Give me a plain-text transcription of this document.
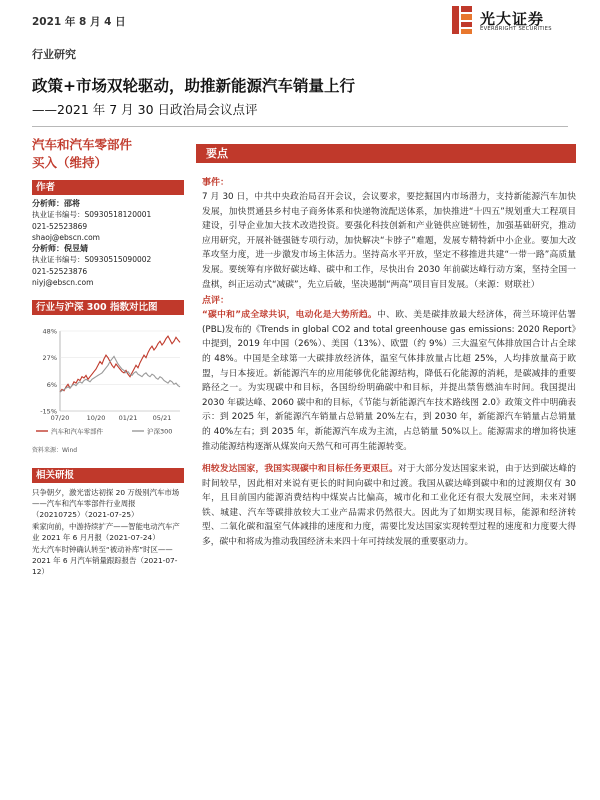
2021 年 8 月 4 日	光大证券
EVERBRIGHT SECURITIES
行业研究
政策+市场双轮驱动，助推新能源汽车销量上行
——2021 年 7 月 30 日政治局会议点评
汽车和汽车零部件
买入（维持）
作者
分析师：邵将
执业证书编号：S0930518120001
021-52523869
shaoj@ebscn.com
分析师：倪昱婧
执业证书编号：S0930515090002
021-52523876
niyj@ebscn.com
行业与沪深 300 指数对比图
48%
27%
6%
-15%
07/20	10/20 01/21 05/21
汽车和汽车零部件	沪深300
资料来源：Wind
相关研报
只争朝夕，激光雷达初探 20 万级别汽车市场——汽车和汽车零部件行业周报（20210725）（2021-07-25）
乘家向前，中游持续扩产——智能电动汽车产业 2021 年 6 月月报（2021-07-24）
光大汽车时钟确认转至“被动补库”时区——2021 年 6 月汽车销量跟踪报告（2021-07-12）
要点
事件：
7 月 30 日，中共中央政治局召开会议，会议要求，要挖掘国内市场潜力，支持新能源汽车加快发展，加快贯通县乡村电子商务体系和快递物流配送体系，加快推进“十四五”规划重大工程项目建设，引导企业加大技术改造投资。要强化科技创新和产业链供应链韧性，加强基础研究，推动应用研究，开展补链强链专项行动，加快解决“卡脖子”难题，发展专精特新中小企业。要加大改革攻坚力度，进一步激发市场主体活力。坚持高水平开放，坚定不移推进共建“一带一路”高质量发展。要统筹有序做好碳达峰、碳中和工作，尽快出台 2030 年前碳达峰行动方案，坚持全国一盘棋，纠正运动式“减碳”，先立后破，坚决遏制“两高”项目盲目发展。（来源：财联社）
点评：
“碳中和”成全球共识，电动化是大势所趋。中、欧、美是碳排放最大经济体，荷兰环境评估署(PBL)发布的《Trends in global CO2 and total greenhouse gas emissions: 2020 Report》中提到，2019 年中国（26%）、美国（13%）、欧盟（约 9%）三大温室气体排放国合计占全球的 48%。中国是全球第一大碳排放经济体，温室气体排放量占比超 25%，人均排放量高于欧盟，与日本接近。新能源汽车的应用能够优化能源结构，降低石化能源的消耗，是碳减排的重要路径之一。为实现碳中和目标，各国纷纷明确碳中和目标，并提出禁售燃油车时间。我国提出 2030 年碳达峰、2060 碳中和的目标，《节能与新能源汽车技术路线图 2.0》政策文件中明确表示：到 2025 年，新能源汽车销量占总销量 20%左右，到 2030 年，新能源汽车销量占总销量的 40%左右；到 2035 年，新能源汽车成为主流，占总销量 50%以上。能源需求的增加将快速推动能源结构逐渐从煤炭向天然气和可再生能源转变。
相较发达国家，我国实现碳中和目标任务更艰巨。对于大部分发达国家来说，由于达到碳达峰的时间较早，因此相对来说有更长的时间向碳中和过渡。我国从碳达峰到碳中和的过渡期仅有 30 年，且目前国内能源消费结构中煤炭占比偏高，城市化和工业化还有很大发展空间，未来对钢铁、城建、汽车等碳排放较大工业产品需求仍然很大。因此为了如期实现目标，能源和经济转型、二氧化碳和温室气体减排的速度和力度，需要比发达国家实现转型过程的速度和力度要大得多，碳中和将成为推动我国经济未来四十年可持续发展的重要驱动力。
